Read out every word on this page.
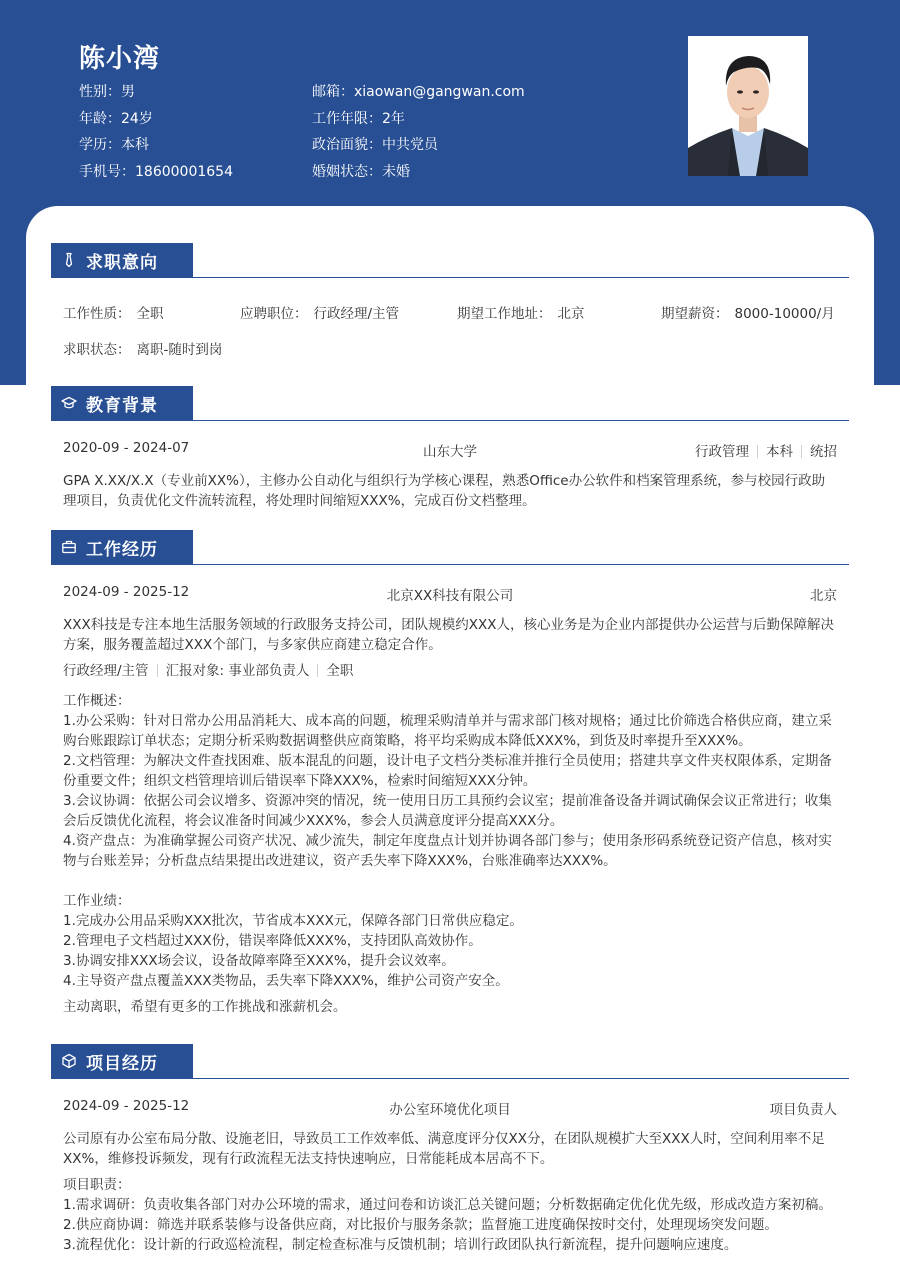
陈小湾
性别：男
年龄：24岁
学历：本科
手机号：18600001654
邮箱：xiaowan@gangwan.com
工作年限：2年
政治面貌：中共党员
婚姻状态：未婚
求职意向
工作性质： 全职	应聘职位： 行政经理/主管	期望工作地址： 北京	期望薪资： 8000-10000/月
求职状态： 离职-随时到岗
教育背景
2020-09 - 2024-07	山东大学	行政管理 本科 统招
GPA X.XX/X.X（专业前XX%），主修办公自动化与组织行为学核心课程，熟悉Office办公软件和档案管理系统，参与校园行政助理项目，负责优化文件流转流程，将处理时间缩短XXX%，完成百份文档整理。
工作经历
2024-09 - 2025-12	北京XX科技有限公司	北京
XXX科技是专注本地生活服务领域的行政服务支持公司，团队规模约XXX人，核心业务是为企业内部提供办公运营与后勤保障解决方案，服务覆盖超过XXX个部门，与多家供应商建立稳定合作。
行政经理/主管 汇报对象: 事业部负责人 全职
工作概述：
1.办公采购：针对日常办公用品消耗大、成本高的问题，梳理采购清单并与需求部门核对规格；通过比价筛选合格供应商，建立采购台账跟踪订单状态；定期分析采购数据调整供应商策略，将平均采购成本降低XXX%，到货及时率提升至XXX%。
2.文档管理：为解决文件查找困难、版本混乱的问题，设计电子文档分类标准并推行全员使用；搭建共享文件夹权限体系，定期备份重要文件；组织文档管理培训后错误率下降XXX%，检索时间缩短XXX分钟。
3.会议协调：依据公司会议增多、资源冲突的情况，统一使用日历工具预约会议室；提前准备设备并调试确保会议正常进行；收集会后反馈优化流程，将会议准备时间减少XXX%，参会人员满意度评分提高XXX分。
4.资产盘点：为准确掌握公司资产状况、减少流失，制定年度盘点计划并协调各部门参与；使用条形码系统登记资产信息，核对实物与台账差异；分析盘点结果提出改进建议，资产丢失率下降XXX%，台账准确率达XXX%。
工作业绩：
1.完成办公用品采购XXX批次，节省成本XXX元，保障各部门日常供应稳定。
2.管理电子文档超过XXX份，错误率降低XXX%，支持团队高效协作。
3.协调安排XXX场会议，设备故障率降至XXX%，提升会议效率。
4.主导资产盘点覆盖XXX类物品，丢失率下降XXX%，维护公司资产安全。
主动离职，希望有更多的工作挑战和涨薪机会。
项目经历
2024-09 - 2025-12	办公室环境优化项目	项目负责人
公司原有办公室布局分散、设施老旧，导致员工工作效率低、满意度评分仅XX分，在团队规模扩大至XXX人时，空间利用率不足XX%，维修投诉频发，现有行政流程无法支持快速响应，日常能耗成本居高不下。
项目职责：
1.需求调研：负责收集各部门对办公环境的需求，通过问卷和访谈汇总关键问题；分析数据确定优化优先级，形成改造方案初稿。
2.供应商协调：筛选并联系装修与设备供应商，对比报价与服务条款；监督施工进度确保按时交付，处理现场突发问题。
3.流程优化：设计新的行政巡检流程，制定检查标准与反馈机制；培训行政团队执行新流程，提升问题响应速度。
